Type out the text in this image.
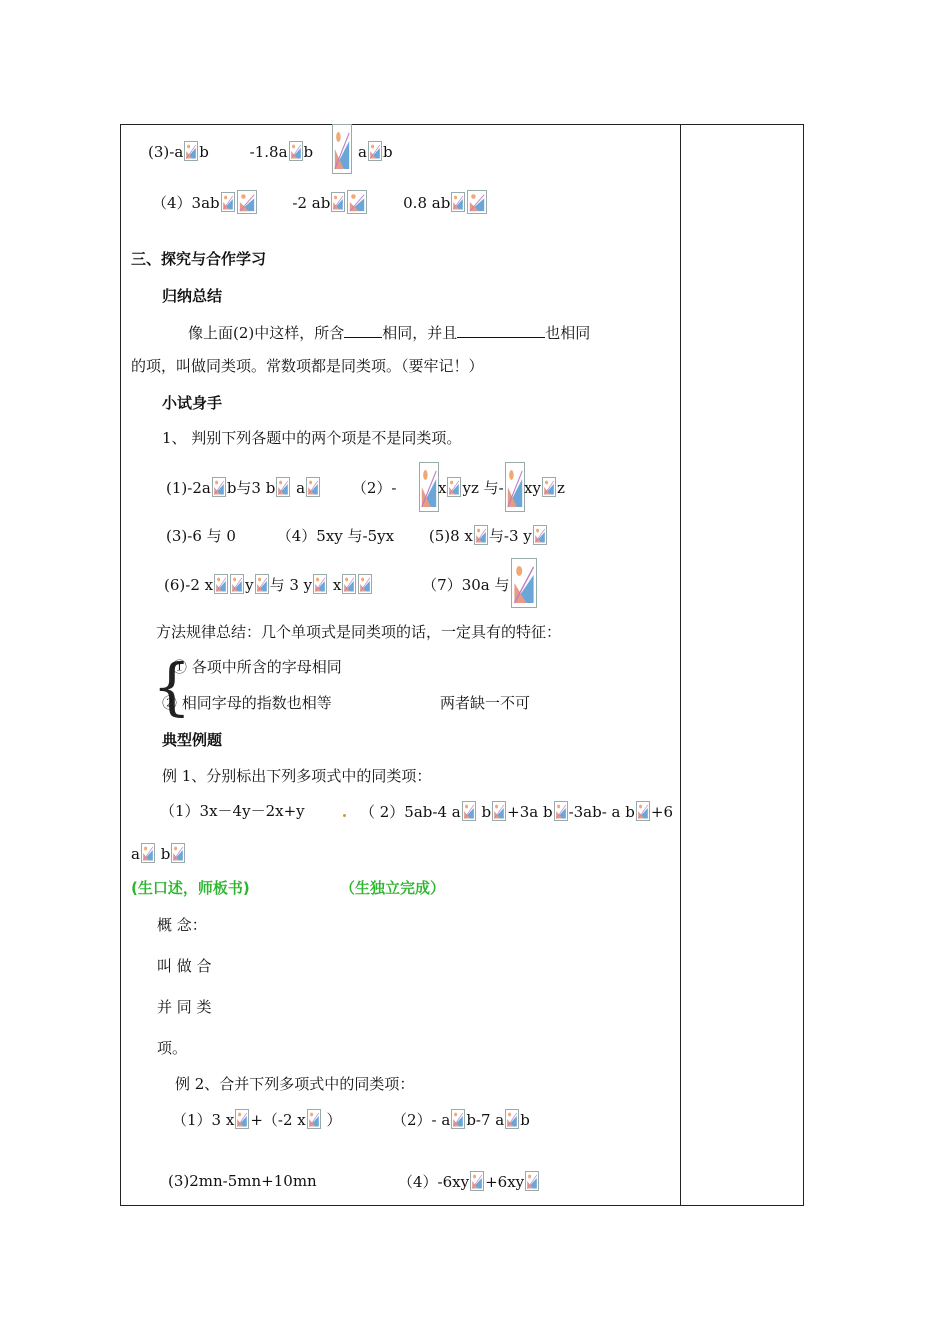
(3)-a b	-1.8a b	a b
（4）3ab	-2 ab	0.8 ab
三、探究与合作学习
归纳总结
像上面(2)中这样，所含	相同，并且	也相同
的项，叫做同类项。常数项都是同类项。（要牢记！）
小试身手
1、 判别下列各题中的两个项是不是同类项。
(1)-2a b与3 b a	（2）-	x yz 与- xy z
(3)-6 与 0	（4）5xy 与-5yx (5)8 x 与-3 y
(6)-2 x y 与 3 y x	（7）30a 与
方法规律总结：几个单项式是同类项的话，一定具有的特征：
{
① 各项中所含的字母相同
② 相同字母的指数也相等	两者缺一不可
典型例题
例 1、分别标出下列多项式中的同类项：
（1）3x－4y－2x+y	（ 2）5ab-4 a b +3a b -3ab- a b +6
a b
(生口述，师板书)	（生独立完成）
概 念：
叫 做 合
并 同 类
项。
例 2、合并下列多项式中的同类项：
（1）3 x +（-2 x ）	（2）- a b-7 a b
(3)2mn-5mn+10mn	（4）-6xy +6xy
